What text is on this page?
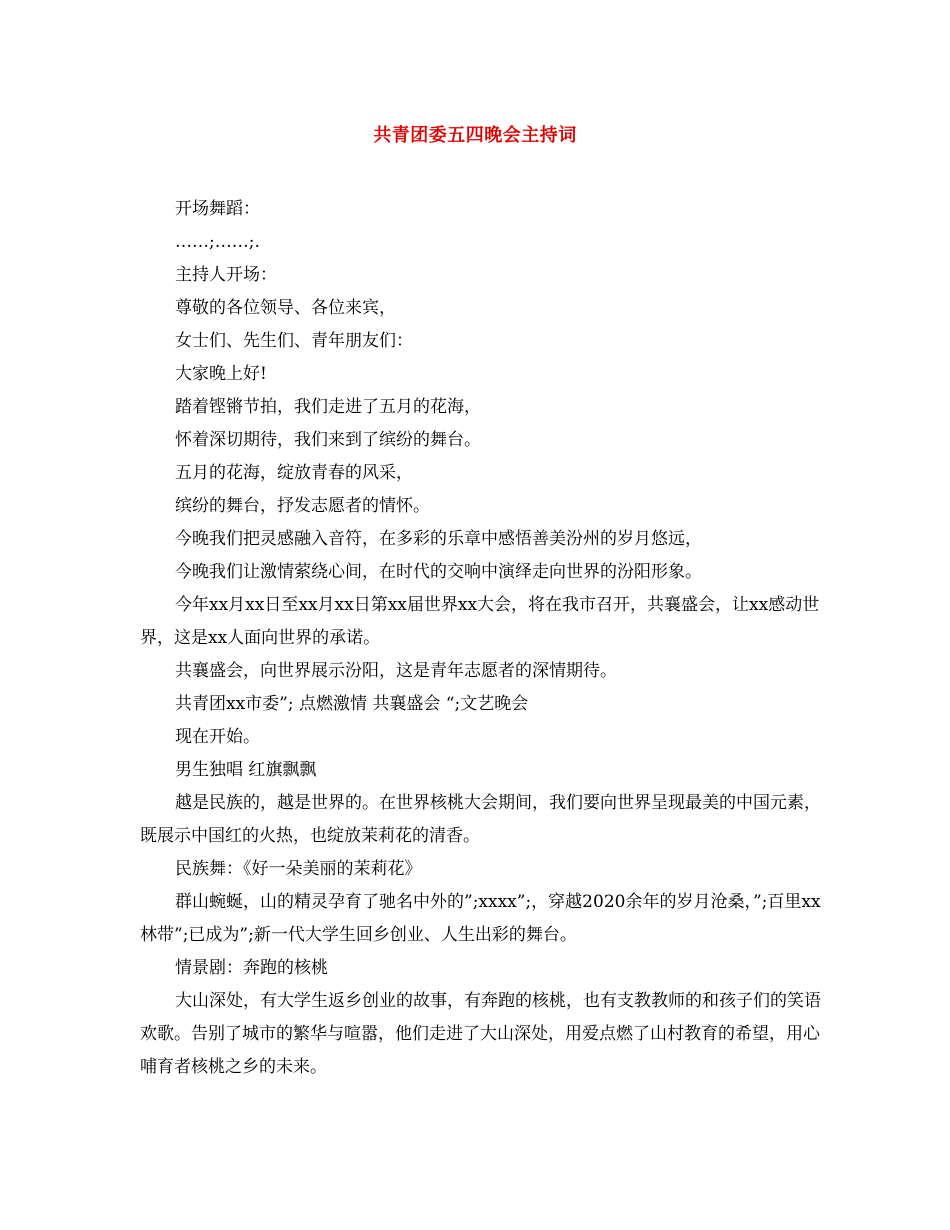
共青团委五四晚会主持词

开场舞蹈：

……;……;.

主持人开场：

尊敬的各位领导、各位来宾，

女士们、先生们、青年朋友们：

大家晚上好!

踏着铿锵节拍，我们走进了五月的花海，

怀着深切期待，我们来到了缤纷的舞台。

五月的花海，绽放青春的风采，

缤纷的舞台，抒发志愿者的情怀。

今晚我们把灵感融入音符，在多彩的乐章中感悟善美汾州的岁月悠远，

今晚我们让激情萦绕心间，在时代的交响中演绎走向世界的汾阳形象。

今年xx月xx日至xx月xx日第xx届世界xx大会，将在我市召开，共襄盛会，让xx感动世界，这是xx人面向世界的承诺。

共襄盛会，向世界展示汾阳，这是青年志愿者的深情期待。

共青团xx市委”; 点燃激情 共襄盛会 “;文艺晚会

现在开始。

男生独唱 红旗飘飘

越是民族的，越是世界的。在世界核桃大会期间，我们要向世界呈现最美的中国元素，既展示中国红的火热，也绽放茉莉花的清香。

民族舞：《好一朵美丽的茉莉花》

群山蜿蜒，山的精灵孕育了驰名中外的”;xxxx”;，穿越2020余年的岁月沧桑，”;百里xx林带”;已成为”;新一代大学生回乡创业、人生出彩的舞台。

情景剧：奔跑的核桃

大山深处，有大学生返乡创业的故事，有奔跑的核桃，也有支教教师的和孩子们的笑语欢歌。告别了城市的繁华与喧嚣，他们走进了大山深处，用爱点燃了山村教育的希望，用心哺育者核桃之乡的未来。
